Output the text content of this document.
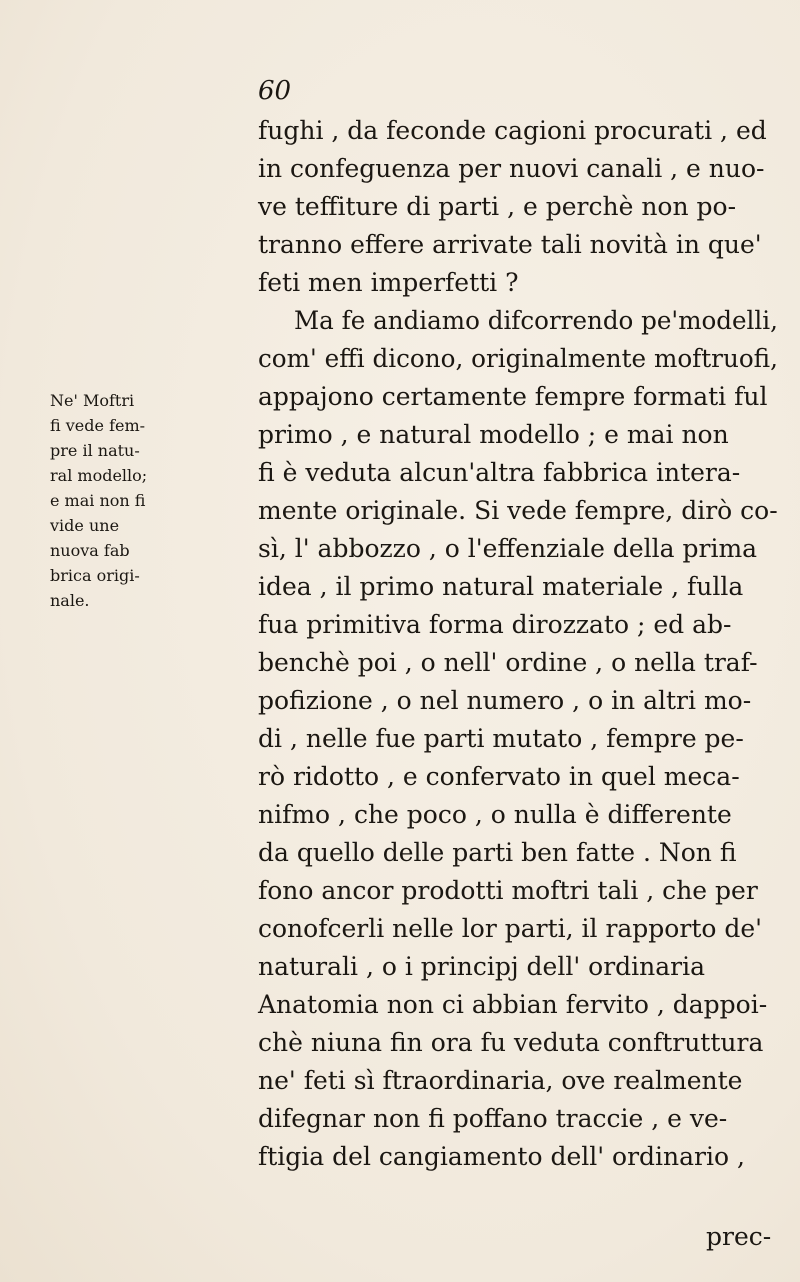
60
Ne' Moftri
fi vede fem-
pre il natu-
ral modello;
e mai non fi
vide une
nuova fab
brica origi-
nale.
fughi , da feconde cagioni procurati , ed
in confeguenza per nuovi canali , e nuo-
ve teffiture di parti , e perchè non po-
tranno effere arrivate tali novità in que'
feti men imperfetti ?
Ma fe andiamo difcorrendo pe'modelli,
com' effi dicono, originalmente moftruofi,
appajono certamente fempre formati ful
primo , e natural modello ; e mai non
fi è veduta alcun'altra fabbrica intera-
mente originale. Si vede fempre, dirò co-
sì, l' abbozzo , o l'effenziale della prima
idea , il primo natural materiale , fulla
fua primitiva forma dirozzato ; ed ab-
benchè poi , o nell' ordine , o nella traf-
pofizione , o nel numero , o in altri mo-
di , nelle fue parti mutato , fempre pe-
rò ridotto , e confervato in quel meca-
nifmo , che poco , o nulla è differente
da quello delle parti ben fatte . Non fi
fono ancor prodotti moftri tali , che per
conofcerli nelle lor parti, il rapporto de'
naturali , o i principj dell' ordinaria
Anatomia non ci abbian fervito , dappoi-
chè niuna fin ora fu veduta conftruttura
ne' feti sì ftraordinaria, ove realmente
difegnar non fi poffano traccie , e ve-
ftigia del cangiamento dell' ordinario ,
prec-
